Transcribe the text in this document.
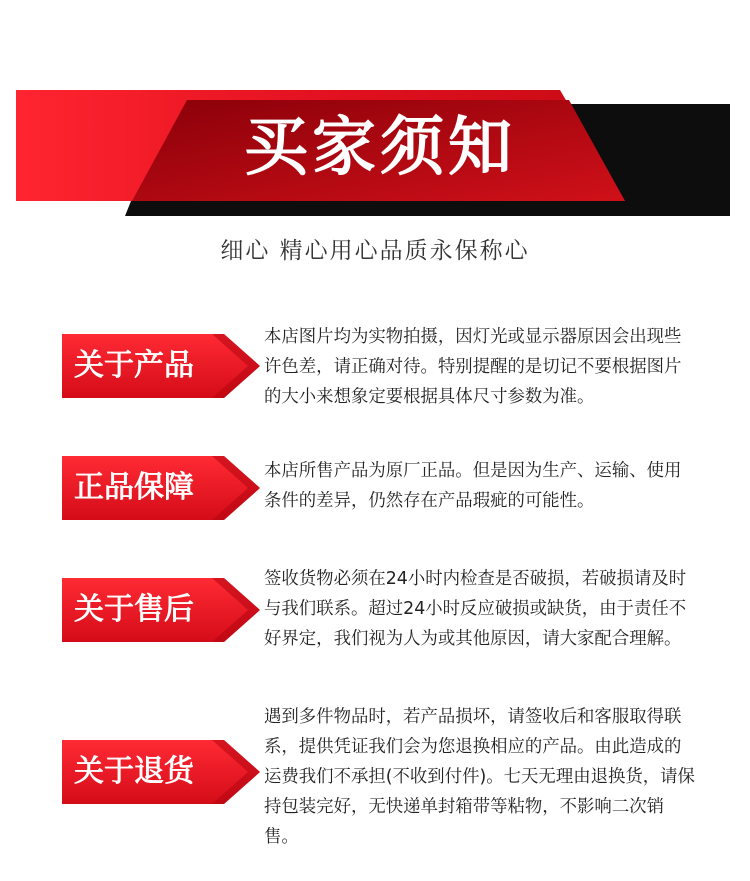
买家须知
细心 精心用心品质永保称心
关于产品
本店图片均为实物拍摄，因灯光或显示器原因会出现些许色差，请正确对待。特别提醒的是切记不要根据图片的大小来想象定要根据具体尺寸参数为准。
正品保障	本店所售产品为原厂正品。但是因为生产、运输、使用条件的差异，仍然存在产品瑕疵的可能性。
关于售后
签收货物必须在24小时内检查是否破损，若破损请及时与我们联系。超过24小时反应破损或缺货，由于责任不好界定，我们视为人为或其他原因，请大家配合理解。
关于退货
遇到多件物品时，若产品损坏，请签收后和客服取得联系，提供凭证我们会为您退换相应的产品。由此造成的运费我们不承担(不收到付件)。七天无理由退换货，请保持包装完好，无快递单封箱带等粘物，不影响二次销售。
